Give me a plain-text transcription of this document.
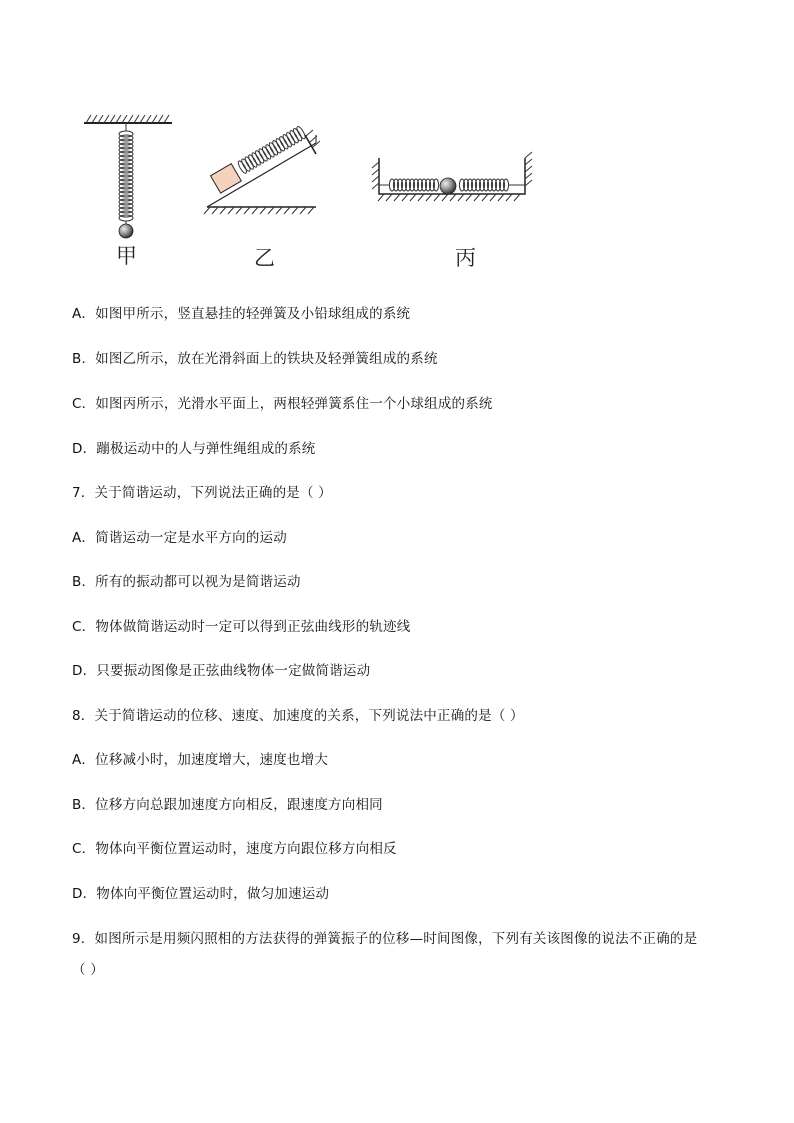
甲	乙	丙
A．如图甲所示，竖直悬挂的轻弹簧及小铅球组成的系统
B．如图乙所示，放在光滑斜面上的铁块及轻弹簧组成的系统
C．如图丙所示，光滑水平面上，两根轻弹簧系住一个小球组成的系统
D．蹦极运动中的人与弹性绳组成的系统
7．关于简谐运动，下列说法正确的是（ ）
A．简谐运动一定是水平方向的运动
B．所有的振动都可以视为是简谐运动
C．物体做简谐运动时一定可以得到正弦曲线形的轨迹线
D．只要振动图像是正弦曲线物体一定做简谐运动
8．关于简谐运动的位移、速度、加速度的关系，下列说法中正确的是（ ）
A．位移减小时，加速度增大，速度也增大
B．位移方向总跟加速度方向相反，跟速度方向相同
C．物体向平衡位置运动时，速度方向跟位移方向相反
D．物体向平衡位置运动时，做匀加速运动
9．如图所示是用频闪照相的方法获得的弹簧振子的位移—时间图像，下列有关该图像的说法不正确的是
（ ）
